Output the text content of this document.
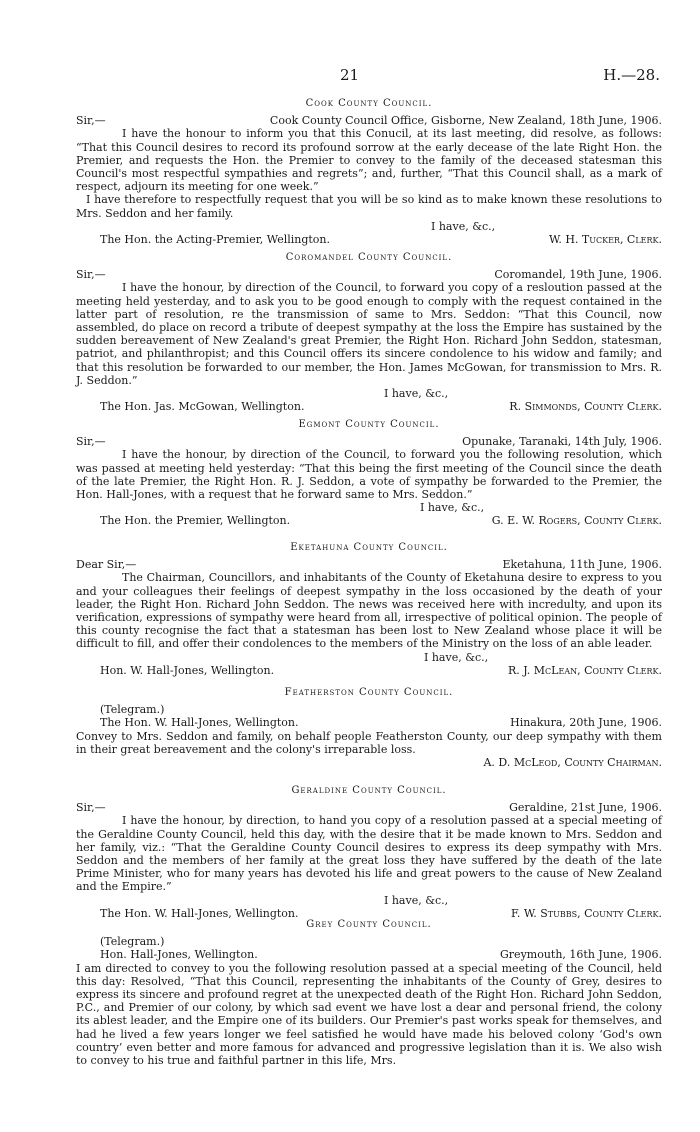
21	H.—28.
Cook County Council.
Sir,—	Cook County Council Office, Gisborne, New Zealand, 18th June, 1906.
I have the honour to inform you that this Conucil, at its last meeting, did resolve, as follows: “That this Council desires to record its profound sorrow at the early decease of the late Right Hon. the Premier, and requests the Hon. the Premier to convey to the family of the deceased statesman this Council's most respectful sympathies and regrets”; and, further, “That this Council shall, as a mark of respect, adjourn its meeting for one week.”
I have therefore to respectfully request that you will be so kind as to make known these resolutions to Mrs. Seddon and her family.
I have, &c.,
The Hon. the Acting-Premier, Wellington.	W. H. Tucker, Clerk.
Coromandel County Council.
Sir,—	Coromandel, 19th June, 1906.
I have the honour, by direction of the Council, to forward you copy of a resloution passed at the meeting held yesterday, and to ask you to be good enough to comply with the request contained in the latter part of resolution, re the transmission of same to Mrs. Seddon: “That this Council, now assembled, do place on record a tribute of deepest sympathy at the loss the Empire has sustained by the sudden bereavement of New Zealand's great Premier, the Right Hon. Richard John Seddon, statesman, patriot, and philanthropist; and this Council offers its sincere condolence to his widow and family; and that this resolution be forwarded to our member, the Hon. James McGowan, for transmission to Mrs. R. J. Seddon.”
I have, &c.,
The Hon. Jas. McGowan, Wellington.	R. Simmonds, County Clerk.
Egmont County Council.
Sir,—	Opunake, Taranaki, 14th July, 1906.
I have the honour, by direction of the Council, to forward you the following resolution, which was passed at meeting held yesterday: “That this being the first meeting of the Council since the death of the late Premier, the Right Hon. R. J. Seddon, a vote of sympathy be forwarded to the Premier, the Hon. Hall-Jones, with a request that he forward same to Mrs. Seddon.”
I have, &c.,
The Hon. the Premier, Wellington.	G. E. W. Rogers, County Clerk.
Eketahuna County Council.
Dear Sir,—	Eketahuna, 11th June, 1906.
The Chairman, Councillors, and inhabitants of the County of Eketahuna desire to express to you and your colleagues their feelings of deepest sympathy in the loss occasioned by the death of your leader, the Right Hon. Richard John Seddon. The news was received here with incredulty, and upon its verification, expressions of sympathy were heard from all, irrespective of political opinion. The people of this county recognise the fact that a statesman has been lost to New Zealand whose place it will be difficult to fill, and offer their condolences to the members of the Ministry on the loss of an able leader.
I have, &c.,
Hon. W. Hall-Jones, Wellington.	R. J. McLean, County Clerk.
Featherston County Council.
(Telegram.)
The Hon. W. Hall-Jones, Wellington.	Hinakura, 20th June, 1906.
Convey to Mrs. Seddon and family, on behalf people Featherston County, our deep sympathy with them in their great bereavement and the colony's irreparable loss.
A. D. McLeod, County Chairman.
Geraldine County Council.
Sir,—	Geraldine, 21st June, 1906.
I have the honour, by direction, to hand you copy of a resolution passed at a special meeting of the Geraldine County Council, held this day, with the desire that it be made known to Mrs. Seddon and her family, viz.: “That the Geraldine County Council desires to express its deep sympathy with Mrs. Seddon and the members of her family at the great loss they have suffered by the death of the late Prime Minister, who for many years has devoted his life and great powers to the cause of New Zealand and the Empire.”
I have, &c.,
The Hon. W. Hall-Jones, Wellington.	F. W. Stubbs, County Clerk.
Grey County Council.
(Telegram.)
Hon. Hall-Jones, Wellington.	Greymouth, 16th June, 1906.
I am directed to convey to you the following resolution passed at a special meeting of the Council, held this day: Resolved, “That this Council, representing the inhabitants of the County of Grey, desires to express its sincere and profound regret at the unexpected death of the Right Hon. Richard John Seddon, P.C., and Premier of our colony, by which sad event we have lost a dear and personal friend, the colony its ablest leader, and the Empire one of its builders. Our Premier's past works speak for themselves, and had he lived a few years longer we feel satisfied he would have made his beloved colony ‘God's own country’ even better and more famous for advanced and progressive legislation than it is. We also wish to convey to his true and faithful partner in this life, Mrs.
